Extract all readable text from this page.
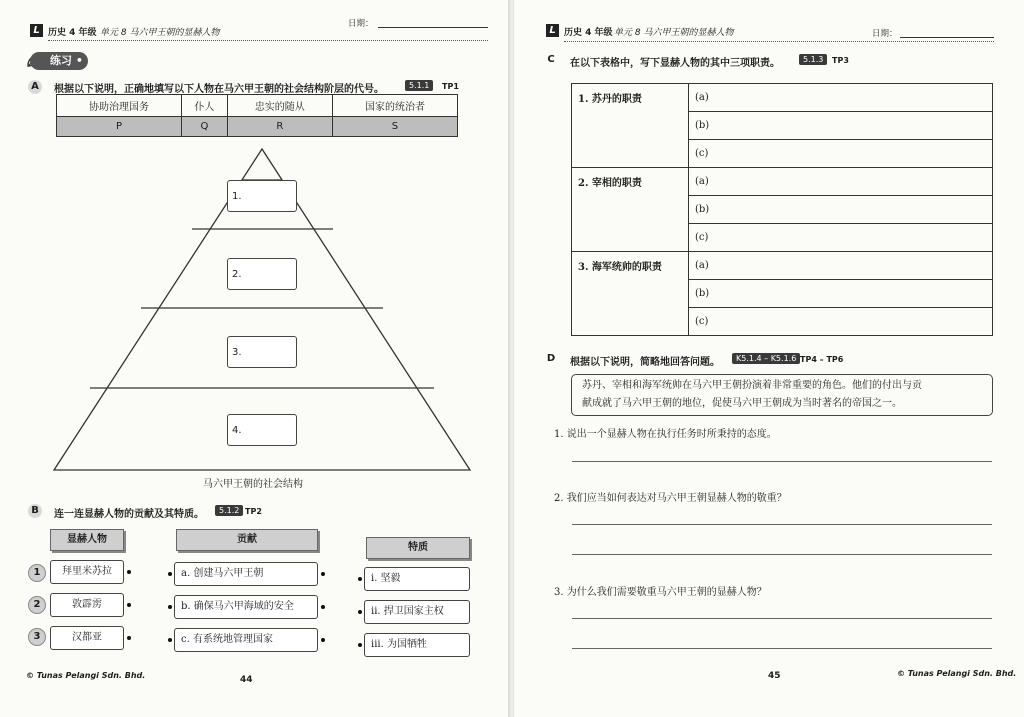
L 历史 4 年级 单元 8 马六甲王朝的显赫人物
日期：
练习 •
A	根据以下说明，正确地填写以下人物在马六甲王朝的社会结构阶层的代号。	5.1.1	TP1
协助治理国务	仆人	忠实的随从	国家的统治者
P	Q	R	S
1.
2.
3.
4.
马六甲王朝的社会结构
B	连一连显赫人物的贡献及其特质。	5.1.2 TP2
显赫人物	贡献
特质
1
2
3
拜里米苏拉
敦霹雳
汉都亚
a. 创建马六甲王朝
b. 确保马六甲海域的安全
c. 有系统地管理国家
i. 坚毅
ii. 捍卫国家主权
iii. 为国牺牲
© Tunas Pelangi Sdn. Bhd.	44
L 历史 4 年级 单元 8 马六甲王朝的显赫人物	日期：
C	在以下表格中，写下显赫人物的其中三项职责。	5.1.3	TP3
1. 苏丹的职责	(a)
	(b)
	(c)
2. 宰相的职责	(a)
	(b)
	(c)
3. 海军统帅的职责	(a)
	(b)
	(c)
D 根据以下说明，简略地回答问题。	K5.1.4 – K5.1.6 TP4 – TP6
苏丹、宰相和海军统帅在马六甲王朝扮演着非常重要的角色。他们的付出与贡
献成就了马六甲王朝的地位，促使马六甲王朝成为当时著名的帝国之一。
1. 说出一个显赫人物在执行任务时所秉持的态度。
2. 我们应当如何表达对马六甲王朝显赫人物的敬重？
3. 为什么我们需要敬重马六甲王朝的显赫人物？
45	© Tunas Pelangi Sdn. Bhd.
